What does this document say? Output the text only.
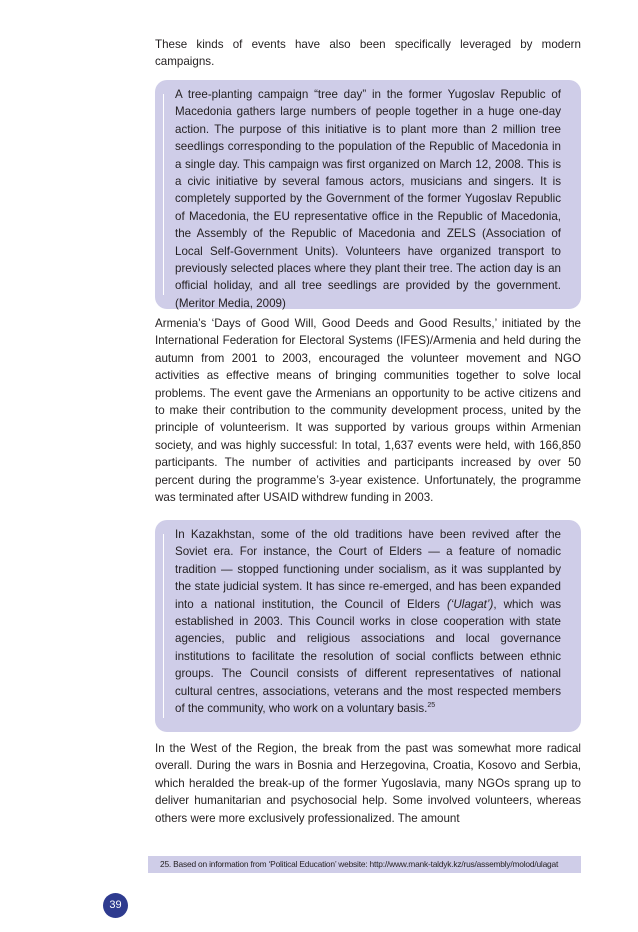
These kinds of events have also been specifically leveraged by modern campaigns.

A tree-planting campaign “tree day” in the former Yugoslav Republic of Macedonia gathers large numbers of people together in a huge one-day action. The purpose of this initiative is to plant more than 2 million tree seedlings corresponding to the population of the Republic of Macedonia in a single day. This campaign was first organized on March 12, 2008. This is a civic initiative by several famous actors, musicians and singers. It is completely supported by the Government of the former Yugoslav Republic of Macedonia, the EU representative office in the Republic of Macedonia, the Assembly of the Republic of Macedonia and ZELS (Association of Local Self-Government Units). Volunteers have organized transport to previously selected places where they plant their tree. The action day is an official holiday, and all tree seedlings are provided by the government. (Meritor Media, 2009)

Armenia’s ‘Days of Good Will, Good Deeds and Good Results,’ initiated by the International Federation for Electoral Systems (IFES)/Armenia and held during the autumn from 2001 to 2003, encouraged the volunteer movement and NGO activities as effective means of bringing communities together to solve local problems. The event gave the Armenians an opportunity to be active citizens and to make their contribution to the community development process, united by the principle of volunteerism. It was supported by various groups within Armenian society, and was highly successful: In total, 1,637 events were held, with 166,850 participants. The number of activities and participants increased by over 50 percent during the programme’s 3-year existence. Unfortunately, the programme was terminated after USAID withdrew funding in 2003.

In Kazakhstan, some of the old traditions have been revived after the Soviet era. For instance, the Court of Elders — a feature of nomadic tradition — stopped functioning under socialism, as it was supplanted by the state judicial system. It has since re-emerged, and has been expanded into a national institution, the Council of Elders (‘Ulagat’), which was established in 2003. This Council works in close cooperation with state agencies, public and religious associations and local governance institutions to facilitate the resolution of social conflicts between ethnic groups. The Council consists of different representatives of national cultural centres, associations, veterans and the most respected members of the community, who work on a voluntary basis.$^{25}$

In the West of the Region, the break from the past was somewhat more radical overall. During the wars in Bosnia and Herzegovina, Croatia, Kosovo and Serbia, which heralded the break-up of the former Yugoslavia, many NGOs sprang up to deliver humanitarian and psychosocial help. Some involved volunteers, whereas others were more exclusively professionalized. The amount

25. Based on information from ‘Political Education’ website: http://www.mank-taldyk.kz/rus/assembly/molod/ulagat
39
